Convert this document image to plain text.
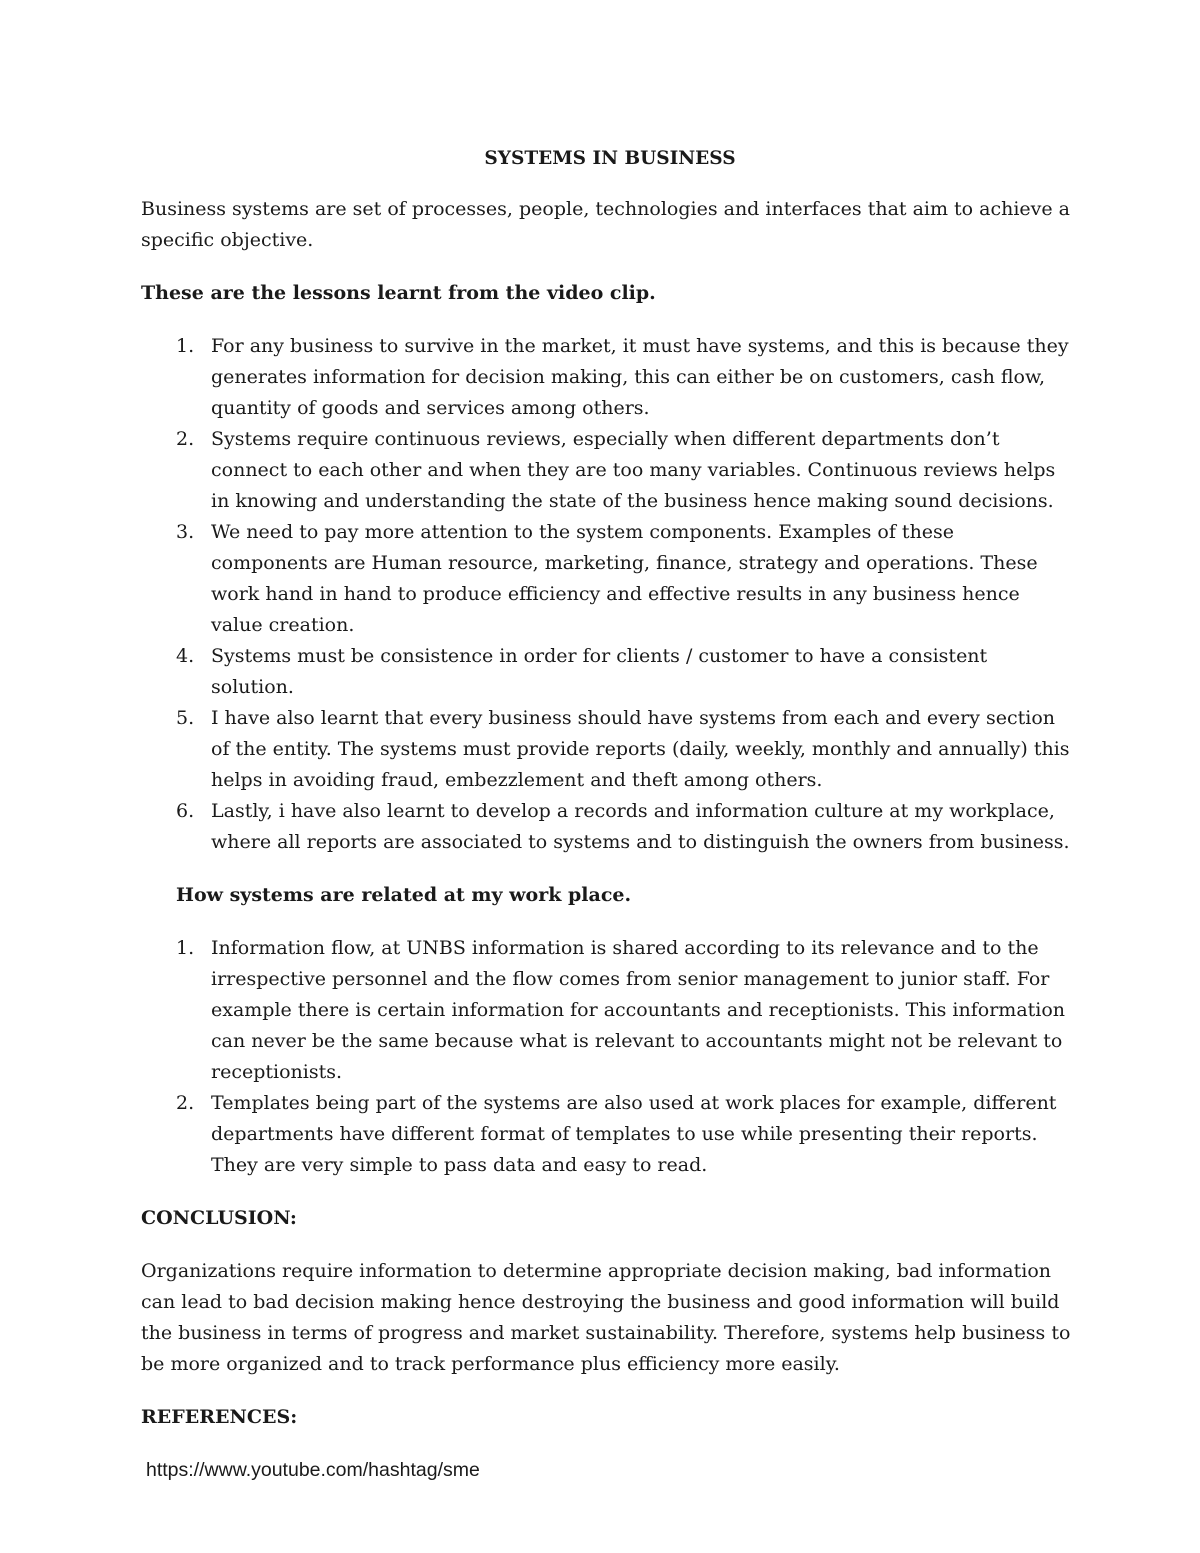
SYSTEMS IN BUSINESS

Business systems are set of processes, people, technologies and interfaces that aim to achieve a specific objective.

These are the lessons learnt from the video clip.

1. For any business to survive in the market, it must have systems, and this is because they generates information for decision making, this can either be on customers, cash flow, quantity of goods and services among others.
2. Systems require continuous reviews, especially when different departments don’t connect to each other and when they are too many variables. Continuous reviews helps in knowing and understanding the state of the business hence making sound decisions.
3. We need to pay more attention to the system components. Examples of these components are Human resource, marketing, finance, strategy and operations. These work hand in hand to produce efficiency and effective results in any business hence value creation.
4. Systems must be consistence in order for clients / customer to have a consistent solution.
5. I have also learnt that every business should have systems from each and every section of the entity. The systems must provide reports (daily, weekly, monthly and annually) this helps in avoiding fraud, embezzlement and theft among others.
6. Lastly, i have also learnt to develop a records and information culture at my workplace, where all reports are associated to systems and to distinguish the owners from business.

How systems are related at my work place.

1. Information flow, at UNBS information is shared according to its relevance and to the irrespective personnel and the flow comes from senior management to junior staff. For example there is certain information for accountants and receptionists. This information can never be the same because what is relevant to accountants might not be relevant to receptionists.
2. Templates being part of the systems are also used at work places for example, different departments have different format of templates to use while presenting their reports. They are very simple to pass data and easy to read.

CONCLUSION:

Organizations require information to determine appropriate decision making, bad information can lead to bad decision making hence destroying the business and good information will build the business in terms of progress and market sustainability. Therefore, systems help business to be more organized and to track performance plus efficiency more easily.

REFERENCES:

https://www.youtube.com/hashtag/sme
